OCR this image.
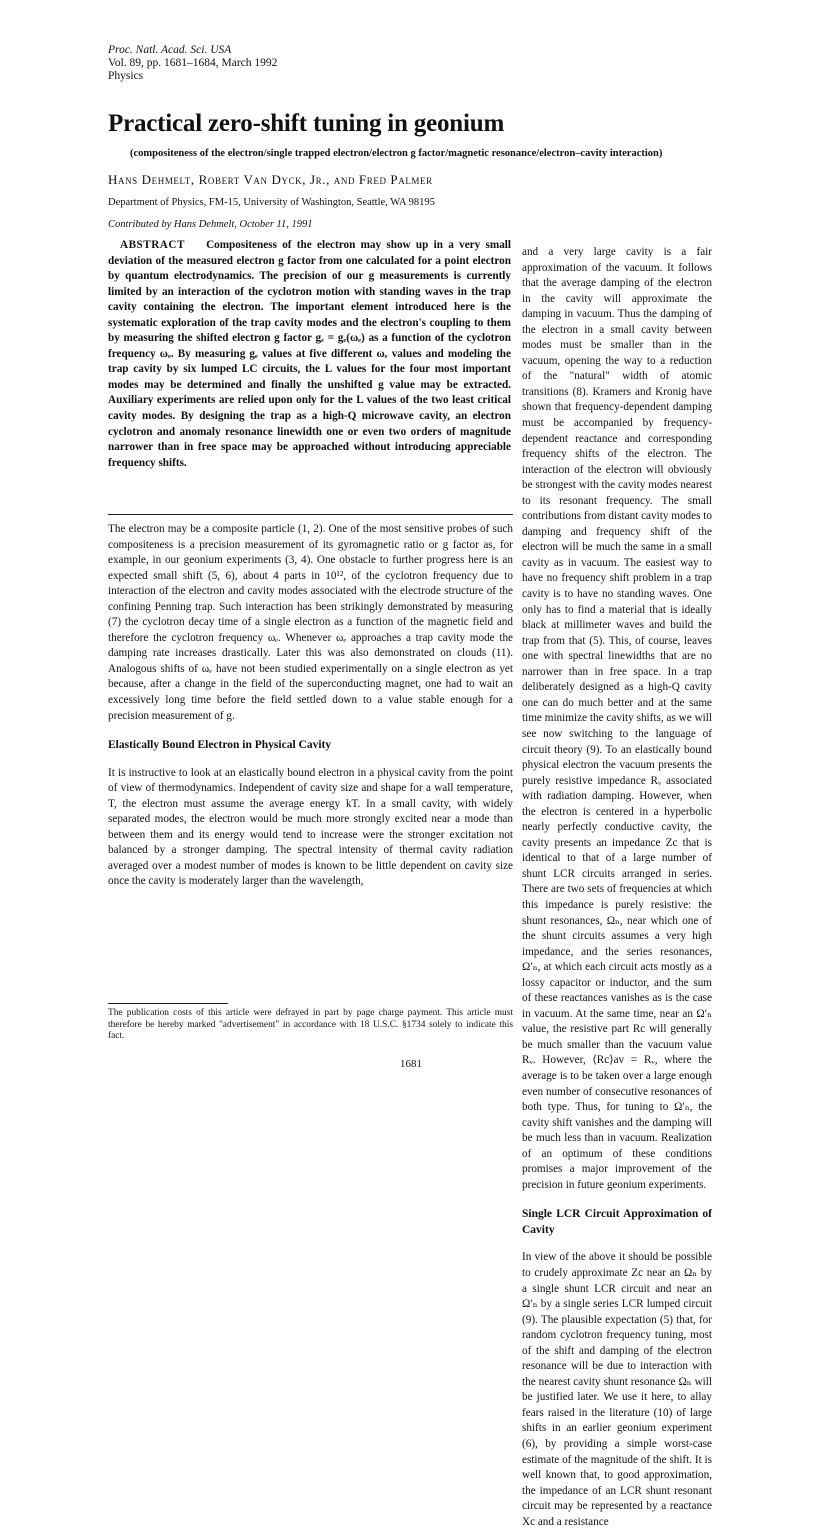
Proc. Natl. Acad. Sci. USA
Vol. 89, pp. 1681–1684, March 1992
Physics
Practical zero-shift tuning in geonium
(compositeness of the electron/single trapped electron/electron g factor/magnetic resonance/electron–cavity interaction)
Hans Dehmelt, Robert Van Dyck, Jr., and Fred Palmer
Department of Physics, FM-15, University of Washington, Seattle, WA 98195
Contributed by Hans Dehmelt, October 11, 1991

ABSTRACT Compositeness of the electron may show up in a very small deviation of the measured electron g factor from one calculated for a point electron by quantum electrodynamics. The precision of our g measurements is currently limited by an interaction of the cyclotron motion with standing waves in the trap cavity containing the electron. The important element introduced here is the systematic exploration of the trap cavity modes and the electron's coupling to them by measuring the shifted electron g factor gₑ = gₑ(ωₑ) as a function of the cyclotron frequency ωₑ. By measuring gₑ values at five different ωₑ values and modeling the trap cavity by six lumped LC circuits, the L values for the four most important modes may be determined and finally the unshifted g value may be extracted. Auxiliary experiments are relied upon only for the L values of the two least critical cavity modes. By designing the trap as a high-Q microwave cavity, an electron cyclotron and anomaly resonance linewidth one or even two orders of magnitude narrower than in free space may be approached without introducing appreciable frequency shifts.

The electron may be a composite particle (1, 2). One of the most sensitive probes of such compositeness is a precision measurement of its gyromagnetic ratio or g factor as, for example, in our geonium experiments (3, 4). One obstacle to further progress here is an expected small shift (5, 6), about 4 parts in 10¹², of the cyclotron frequency due to interaction of the electron and cavity modes associated with the electrode structure of the confining Penning trap. Such interaction has been strikingly demonstrated by measuring (7) the cyclotron decay time of a single electron as a function of the magnetic field and therefore the cyclotron frequency ωₑ. Whenever ωₑ approaches a trap cavity mode the damping rate increases drastically. Later this was also demonstrated on clouds (11). Analogous shifts of ωₑ have not been studied experimentally on a single electron as yet because, after a change in the field of the superconducting magnet, one had to wait an excessively long time before the field settled down to a value stable enough for a precision measurement of g.

Elastically Bound Electron in Physical Cavity

It is instructive to look at an elastically bound electron in a physical cavity from the point of view of thermodynamics. Independent of cavity size and shape for a wall temperature, T, the electron must assume the average energy kT. In a small cavity, with widely separated modes, the electron would be much more strongly excited near a mode than between them and its energy would tend to increase were the stronger excitation not balanced by a stronger damping. The spectral intensity of thermal cavity radiation averaged over a modest number of modes is known to be little dependent on cavity size once the cavity is moderately larger than the wavelength,

and a very large cavity is a fair approximation of the vacuum. It follows that the average damping of the electron in the cavity will approximate the damping in vacuum. Thus the damping of the electron in a small cavity between modes must be smaller than in the vacuum, opening the way to a reduction of the "natural" width of atomic transitions (8). Kramers and Kronig have shown that frequency-dependent damping must be accompanied by frequency-dependent reactance and corresponding frequency shifts of the electron. The interaction of the electron will obviously be strongest with the cavity modes nearest to its resonant frequency. The small contributions from distant cavity modes to damping and frequency shift of the electron will be much the same in a small cavity as in vacuum. The easiest way to have no frequency shift problem in a trap cavity is to have no standing waves. One only has to find a material that is ideally black at millimeter waves and build the trap from that (5). This, of course, leaves one with spectral linewidths that are no narrower than in free space. In a trap deliberately designed as a high-Q cavity one can do much better and at the same time minimize the cavity shifts, as we will see now switching to the language of circuit theory (9). To an elastically bound physical electron the vacuum presents the purely resistive impedance Rᵥ associated with radiation damping. However, when the electron is centered in a hyperbolic nearly perfectly conductive cavity, the cavity presents an impedance Zc that is identical to that of a large number of shunt LCR circuits arranged in series. There are two sets of frequencies at which this impedance is purely resistive: the shunt resonances, Ωₙ, near which one of the shunt circuits assumes a very high impedance, and the series resonances, Ω′ₙ, at which each circuit acts mostly as a lossy capacitor or inductor, and the sum of these reactances vanishes as is the case in vacuum. At the same time, near an Ω′ₙ value, the resistive part Rc will generally be much smaller than the vacuum value Rᵥ. However, ⟨Rc⟩av = Rᵥ, where the average is to be taken over a large enough even number of consecutive resonances of both type. Thus, for tuning to Ω′ₙ, the cavity shift vanishes and the damping will be much less than in vacuum. Realization of an optimum of these conditions promises a major improvement of the precision in future geonium experiments.

Single LCR Circuit Approximation of Cavity

In view of the above it should be possible to crudely approximate Zc near an Ωₙ by a single shunt LCR circuit and near an Ω′ₙ by a single series LCR lumped circuit (9). The plausible expectation (5) that, for random cyclotron frequency tuning, most of the shift and damping of the electron resonance will be due to interaction with the nearest cavity shunt resonance Ωₙ will be justified later. We use it here, to allay fears raised in the literature (10) of large shifts in an earlier geonium experiment (6), by providing a simple worst-case estimate of the magnitude of the shift. It is well known that, to good approximation, the impedance of an LCR shunt resonant circuit may be represented by a reactance Xc and a resistance

The publication costs of this article were defrayed in part by page charge payment. This article must therefore be hereby marked "advertisement" in accordance with 18 U.S.C. §1734 solely to indicate this fact.
1681
